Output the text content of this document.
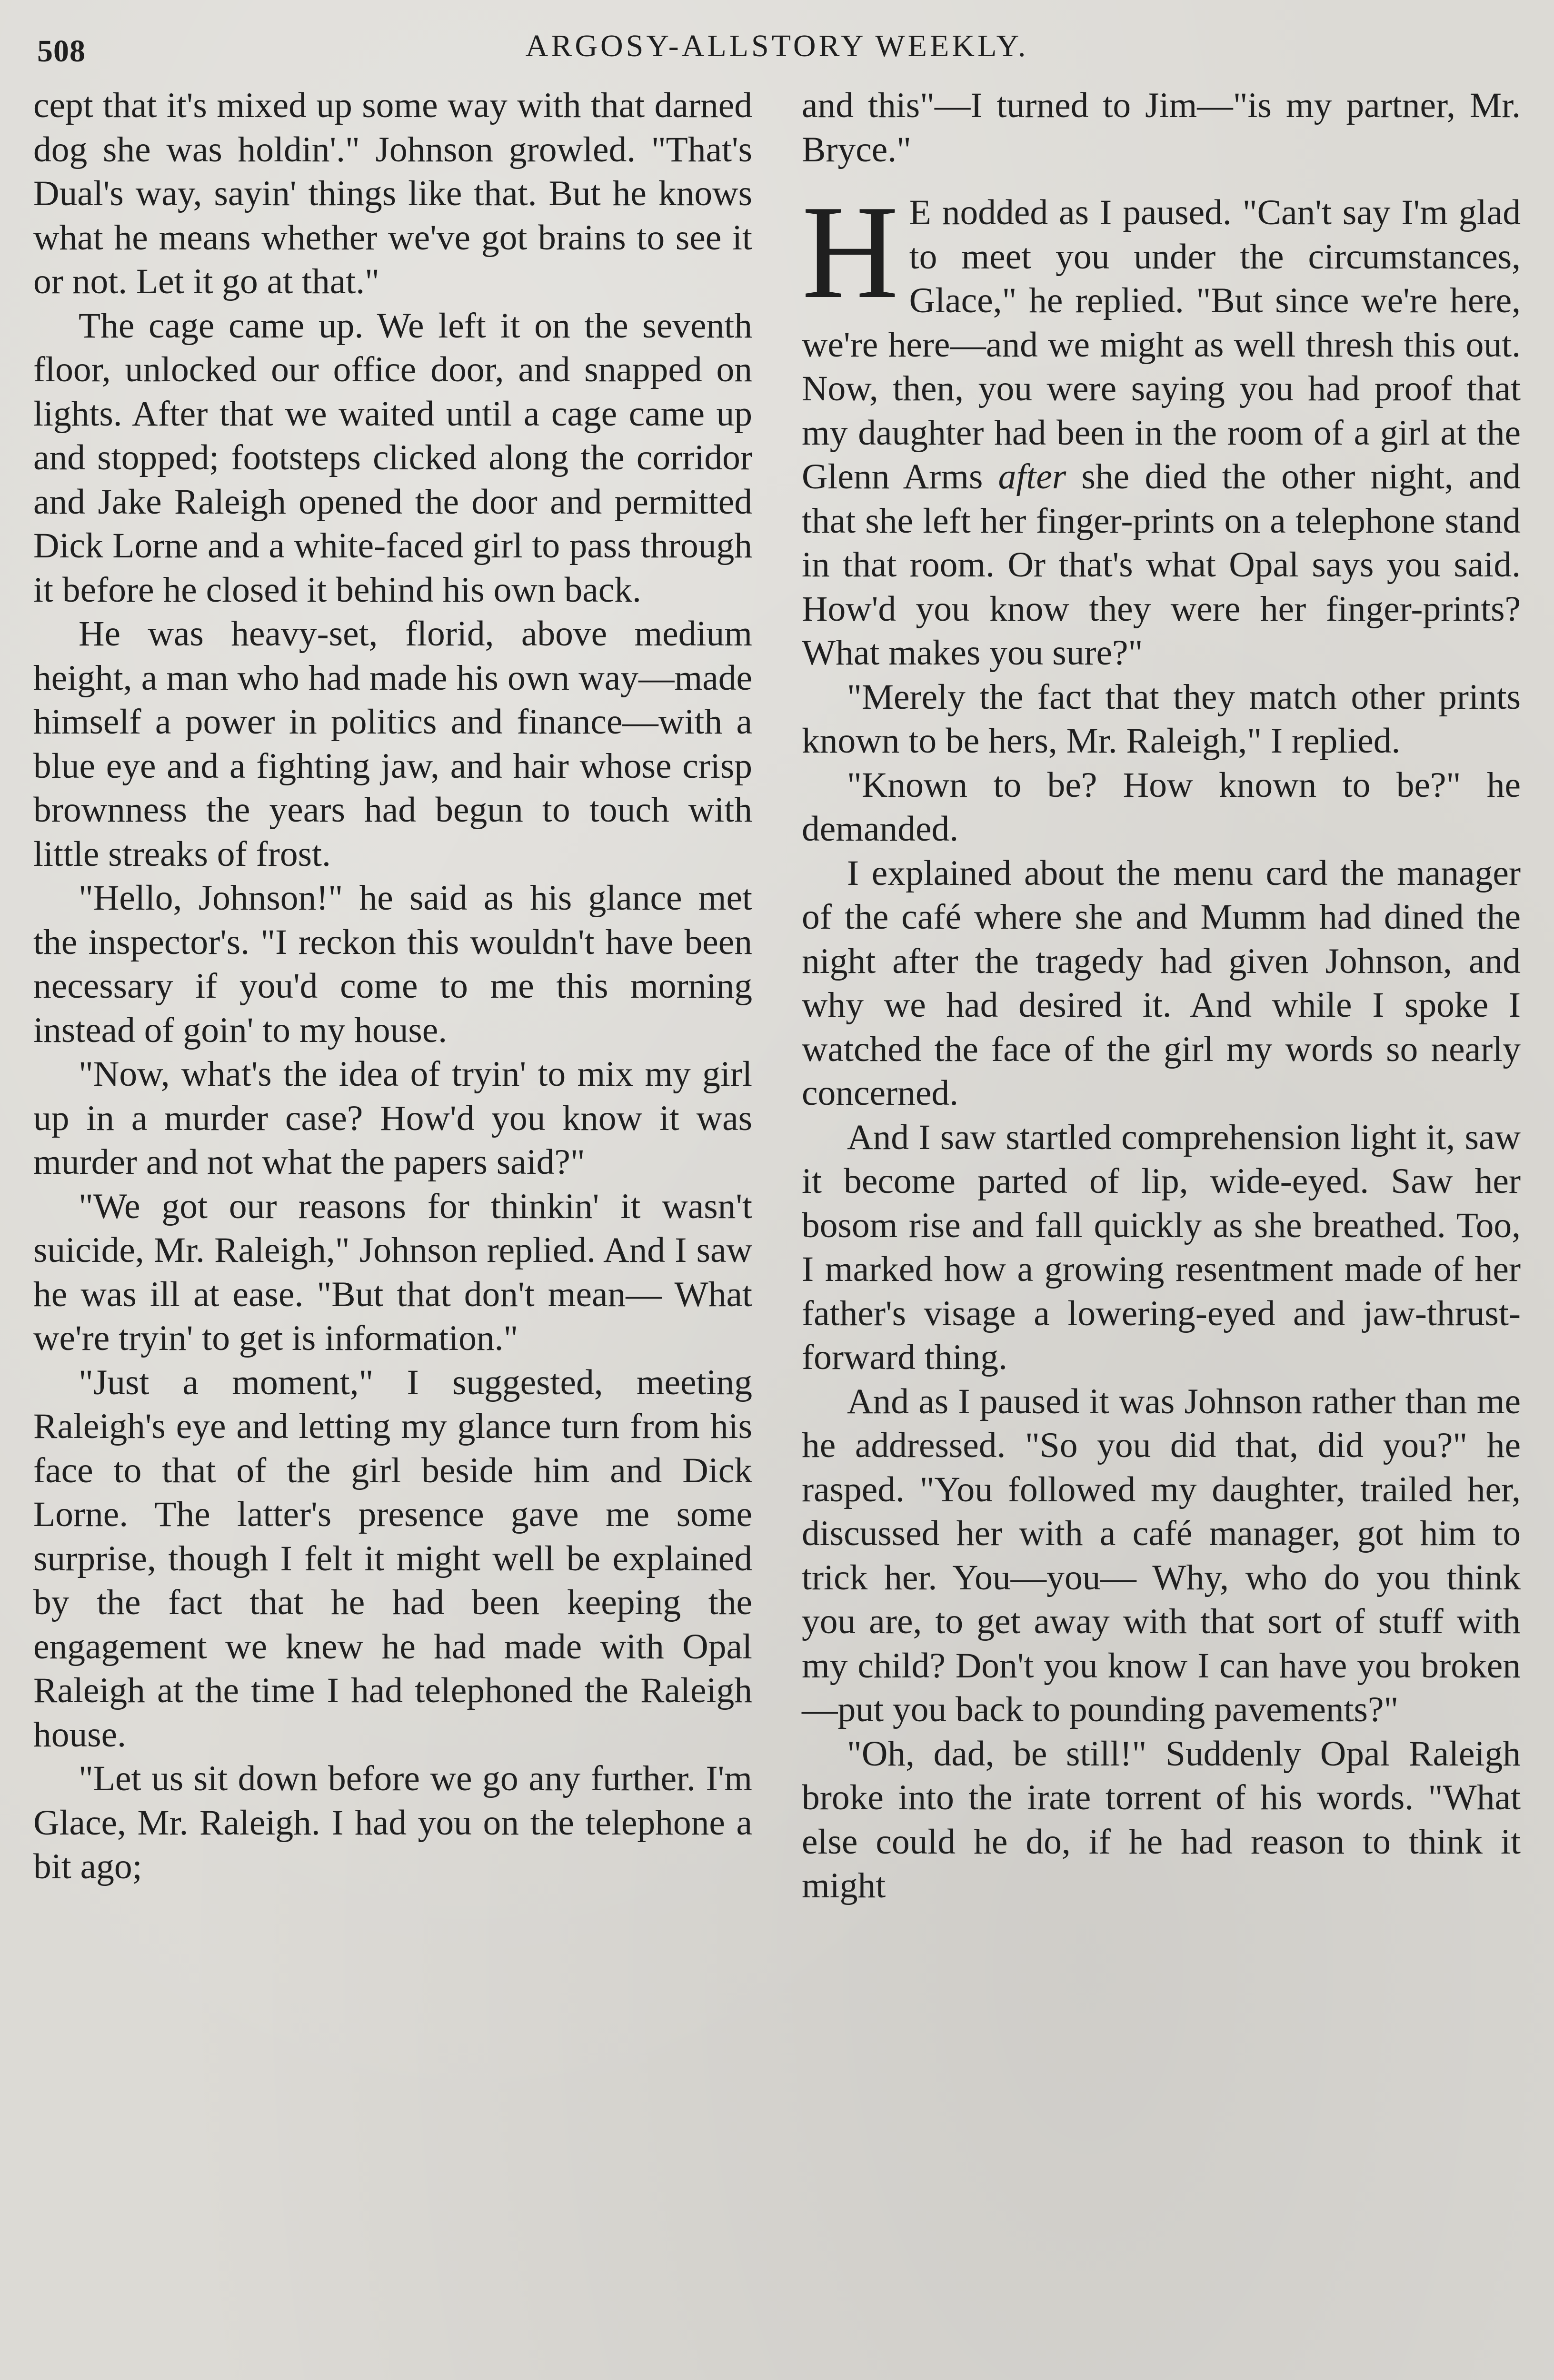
508	ARGOSY-ALLSTORY WEEKLY.

cept that it's mixed up some way with that darned dog she was holdin'." Johnson growled. "That's Dual's way, sayin' things like that. But he knows what he means whether we've got brains to see it or not. Let it go at that."

The cage came up. We left it on the seventh floor, unlocked our office door, and snapped on lights. After that we waited until a cage came up and stopped; footsteps clicked along the corridor and Jake Raleigh opened the door and permitted Dick Lorne and a white-faced girl to pass through it before he closed it behind his own back.

He was heavy-set, florid, above medium height, a man who had made his own way—made himself a power in politics and finance—with a blue eye and a fighting jaw, and hair whose crisp brownness the years had begun to touch with little streaks of frost.

"Hello, Johnson!" he said as his glance met the inspector's. "I reckon this wouldn't have been necessary if you'd come to me this morning instead of goin' to my house.

"Now, what's the idea of tryin' to mix my girl up in a murder case? How'd you know it was murder and not what the papers said?"

"We got our reasons for thinkin' it wasn't suicide, Mr. Raleigh," Johnson replied. And I saw he was ill at ease. "But that don't mean— What we're tryin' to get is information."

"Just a moment," I suggested, meeting Raleigh's eye and letting my glance turn from his face to that of the girl beside him and Dick Lorne. The latter's presence gave me some surprise, though I felt it might well be explained by the fact that he had been keeping the engagement we knew he had made with Opal Raleigh at the time I had telephoned the Raleigh house.

"Let us sit down before we go any further. I'm Glace, Mr. Raleigh. I had you on the telephone a bit ago;

and this"—I turned to Jim—"is my partner, Mr. Bryce."

H E nodded as I paused. "Can't say I'm glad to meet you under the circumstances, Glace," he replied. "But since we're here, we're here—and we might as well thresh this out. Now, then, you were saying you had proof that my daughter had been in the room of a girl at the Glenn Arms after she died the other night, and that she left her finger-prints on a telephone stand in that room. Or that's what Opal says you said. How'd you know they were her finger-prints? What makes you sure?"

"Merely the fact that they match other prints known to be hers, Mr. Raleigh," I replied.

"Known to be? How known to be?" he demanded.

I explained about the menu card the manager of the café where she and Mumm had dined the night after the tragedy had given Johnson, and why we had desired it. And while I spoke I watched the face of the girl my words so nearly concerned.

And I saw startled comprehension light it, saw it become parted of lip, wide-eyed. Saw her bosom rise and fall quickly as she breathed. Too, I marked how a growing resentment made of her father's visage a lowering-eyed and jaw-thrust-forward thing.

And as I paused it was Johnson rather than me he addressed. "So you did that, did you?" he rasped. "You followed my daughter, trailed her, discussed her with a café manager, got him to trick her. You—you— Why, who do you think you are, to get away with that sort of stuff with my child? Don't you know I can have you broken—put you back to pounding pavements?"

"Oh, dad, be still!" Suddenly Opal Raleigh broke into the irate torrent of his words. "What else could he do, if he had reason to think it might
